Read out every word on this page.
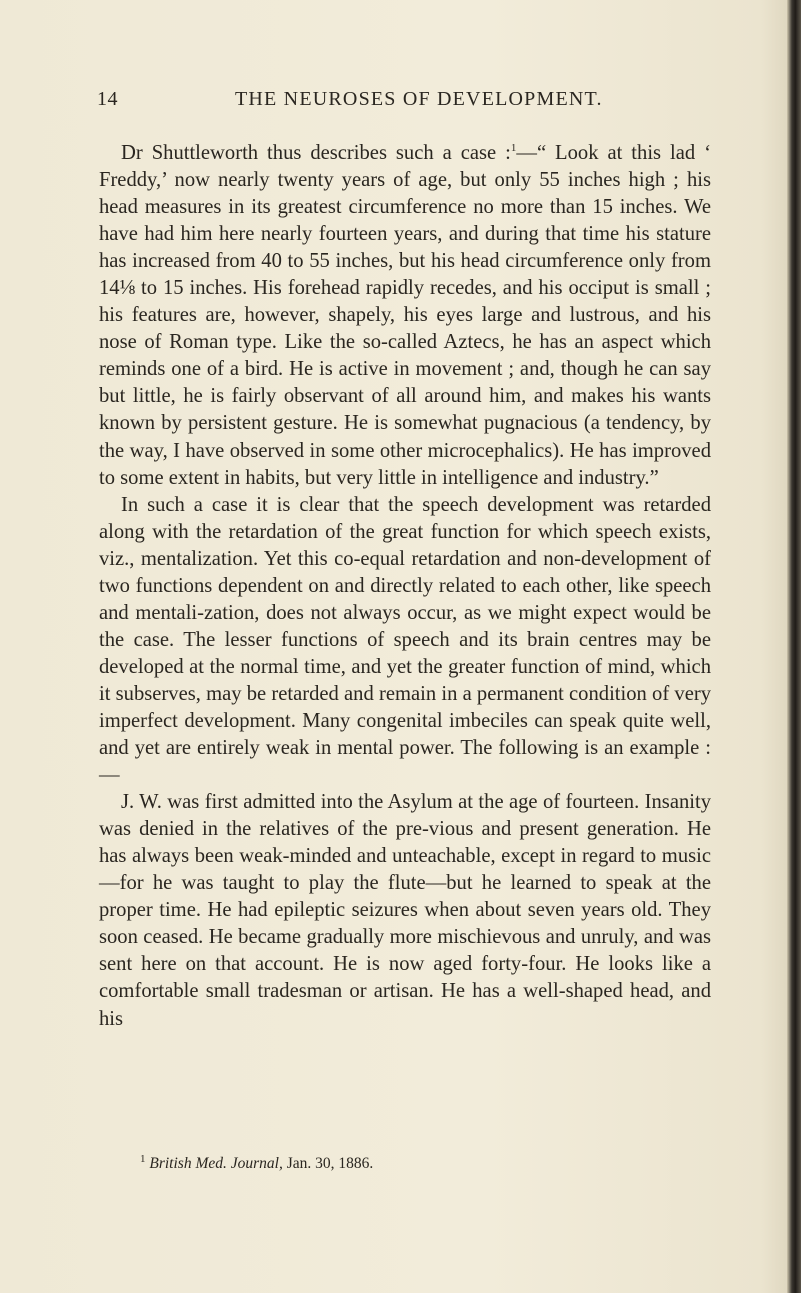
14	THE NEUROSES OF DEVELOPMENT.

Dr Shuttleworth thus describes such a case :$^1$—“ Look at this lad ‘ Freddy,’ now nearly twenty years of age, but only 55 inches high ; his head measures in its greatest circumference no more than 15 inches. We have had him here nearly fourteen years, and during that time his stature has increased from 40 to 55 inches, but his head circumference only from 14⅛ to 15 inches. His forehead rapidly recedes, and his occiput is small ; his features are, however, shapely, his eyes large and lustrous, and his nose of Roman type. Like the so-called Aztecs, he has an aspect which reminds one of a bird. He is active in movement ; and, though he can say but little, he is fairly observant of all around him, and makes his wants known by persistent gesture. He is somewhat pugnacious (a tendency, by the way, I have observed in some other microcephalics). He has improved to some extent in habits, but very little in intelligence and industry.”

In such a case it is clear that the speech development was retarded along with the retardation of the great function for which speech exists, viz., mentalization. Yet this co-equal retardation and non-development of two functions dependent on and directly related to each other, like speech and mentali-zation, does not always occur, as we might expect would be the case. The lesser functions of speech and its brain centres may be developed at the normal time, and yet the greater function of mind, which it subserves, may be retarded and remain in a permanent condition of very imperfect development. Many congenital imbeciles can speak quite well, and yet are entirely weak in mental power. The following is an example :—

J. W. was first admitted into the Asylum at the age of fourteen. Insanity was denied in the relatives of the pre-vious and present generation. He has always been weak-minded and unteachable, except in regard to music—for he was taught to play the flute—but he learned to speak at the proper time. He had epileptic seizures when about seven years old. They soon ceased. He became gradually more mischievous and unruly, and was sent here on that account. He is now aged forty-four. He looks like a comfortable small tradesman or artisan. He has a well-shaped head, and his

$^1$ British Med. Journal, Jan. 30, 1886.
